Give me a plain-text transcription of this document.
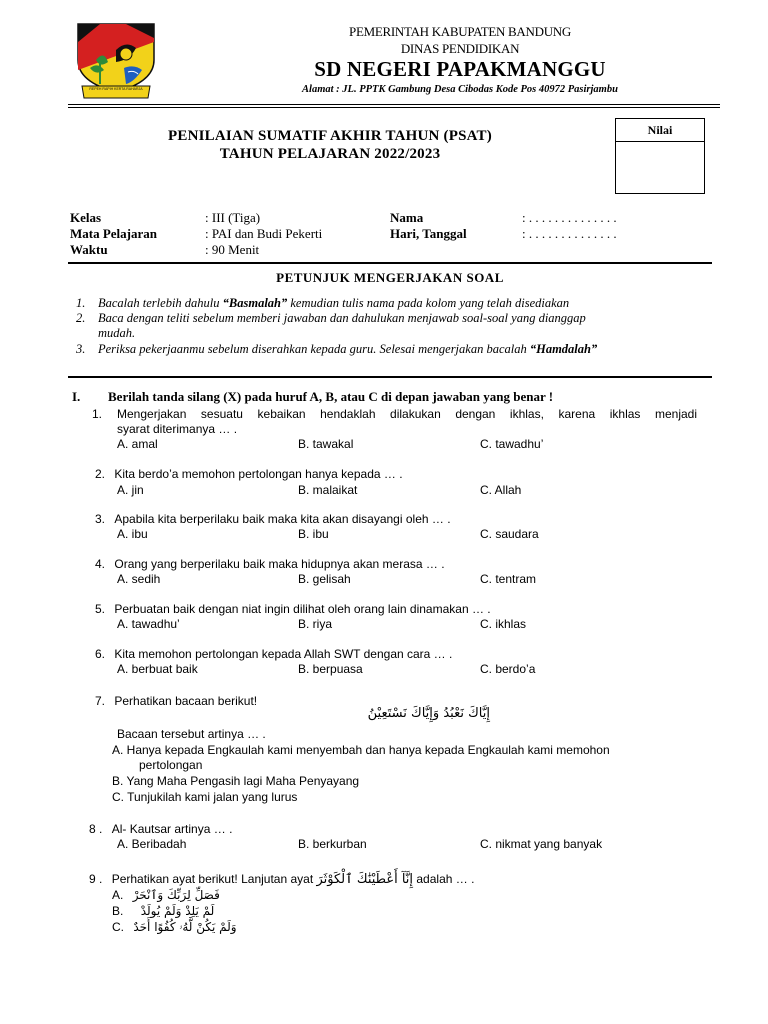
REPEH RAPIH KERTA RAHARJA
PEMERINTAH KABUPATEN BANDUNG
DINAS PENDIDIKAN
SD NEGERI PAPAKMANGGU
Alamat : JL. PPTK Gambung Desa Cibodas Kode Pos 40972 Pasirjambu
PENILAIAN SUMATIF AKHIR TAHUN (PSAT)
TAHUN PELAJARAN 2022/2023
Nilai
Kelas	: III (Tiga)
Mata Pelajaran	: PAI dan Budi Pekerti
Waktu	: 90 Menit
Nama	: . . . . . . . . . . . . . .
Hari, Tanggal	: . . . . . . . . . . . . . .
PETUNJUK MENGERJAKAN SOAL
1. Bacalah terlebih dahulu “Basmalah” kemudian tulis nama pada kolom yang telah disediakan
2. Baca dengan teliti sebelum memberi jawaban dan dahulukan menjawab soal-soal yang dianggap
mudah.
3. Periksa pekerjaanmu sebelum diserahkan kepada guru. Selesai mengerjakan bacalah “Hamdalah”
I. Berilah tanda silang (X) pada huruf A, B, atau C di depan jawaban yang benar !
1. Mengerjakan sesuatu kebaikan hendaklah dilakukan dengan ikhlas, karena ikhlas menjadi
syarat diterimanya … .
A. amal	B. tawakal	C. tawadhu’
2. Kita berdo’a memohon pertolongan hanya kepada … .
A. jin	B. malaikat	C. Allah
3. Apabila kita berperilaku baik maka kita akan disayangi oleh … .
A. ibu	B. ibu	C. saudara
4. Orang yang berperilaku baik maka hidupnya akan merasa … .
A. sedih	B. gelisah	C. tentram
5. Perbuatan baik dengan niat ingin dilihat oleh orang lain dinamakan … .
A. tawadhu’	B. riya	C. ikhlas
6. Kita memohon pertolongan kepada Allah SWT dengan cara … .
A. berbuat baik	B. berpuasa	C. berdo’a
7. Perhatikan bacaan berikut!
إِيَّاكَ نَعْبُدُ وَإِيَّاكَ نَسْتَعِيْنُ
Bacaan tersebut artinya … .
A. Hanya kepada Engkaulah kami menyembah dan hanya kepada Engkaulah kami memohon
pertolongan
B. Yang Maha Pengasih lagi Maha Penyayang
C. Tunjukilah kami jalan yang lurus
8 . Al- Kautsar artinya … .
A. Beribadah	B. berkurban	C. nikmat yang banyak
9 . Perhatikan ayat berikut! Lanjutan ayat إِنَّآ أَعْطَيْنَٰكَ ٱلْكَوْثَرَ adalah … .
A. فَصَلِّ لِرَبِّكَ وَٱنْحَرْ
B. لَمْ يَلِدْ وَلَمْ يُولَدْ
C. وَلَمْ يَكُنْ لَّهُۥ كُفُوًا أَحَدٌ
